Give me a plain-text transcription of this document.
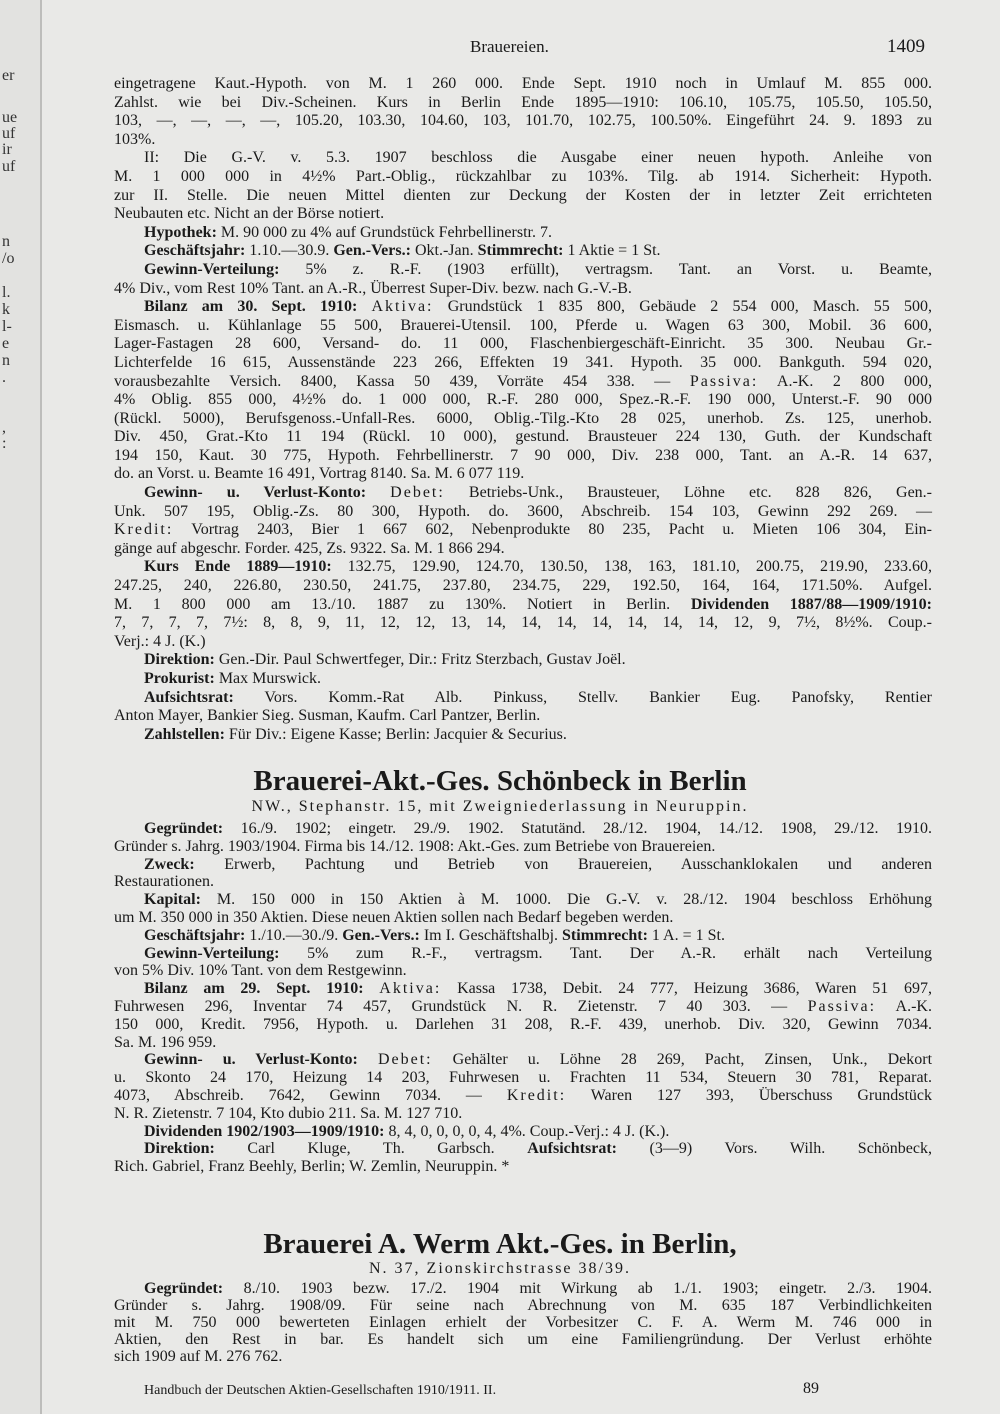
er
ue
uf
ir
uf
n
/o
l.
k
l-
e
n
.
,
:
Brauereien.	1409
eingetragene Kaut.-Hypoth. von M. 1 260 000. Ende Sept. 1910 noch in Umlauf M. 855 000.
Zahlst. wie bei Div.-Scheinen. Kurs in Berlin Ende 1895—1910: 106.10, 105.75, 105.50, 105.50,
103, —, —, —, —, 105.20, 103.30, 104.60, 103, 101.70, 102.75, 100.50%. Eingeführt 24. 9. 1893 zu
103%.
II: Die G.-V. v. 5.3. 1907 beschloss die Ausgabe einer neuen hypoth. Anleihe von
M. 1 000 000 in 4½% Part.-Oblig., rückzahlbar zu 103%. Tilg. ab 1914. Sicherheit: Hypoth.
zur II. Stelle. Die neuen Mittel dienten zur Deckung der Kosten der in letzter Zeit errichteten
Neubauten etc. Nicht an der Börse notiert.
Hypothek: M. 90 000 zu 4% auf Grundstück Fehrbellinerstr. 7.
Geschäftsjahr: 1.10.—30.9. Gen.-Vers.: Okt.-Jan. Stimmrecht: 1 Aktie = 1 St.
Gewinn-Verteilung: 5% z. R.-F. (1903 erfüllt), vertragsm. Tant. an Vorst. u. Beamte,
4% Div., vom Rest 10% Tant. an A.-R., Überrest Super-Div. bezw. nach G.-V.-B.
Bilanz am 30. Sept. 1910: Aktiva: Grundstück 1 835 800, Gebäude 2 554 000, Masch. 55 500,
Eismasch. u. Kühlanlage 55 500, Brauerei-Utensil. 100, Pferde u. Wagen 63 300, Mobil. 36 600,
Lager-Fastagen 28 600, Versand- do. 11 000, Flaschenbiergeschäft-Einricht. 35 300. Neubau Gr.-
Lichterfelde 16 615, Aussenstände 223 266, Effekten 19 341. Hypoth. 35 000. Bankguth. 594 020,
vorausbezahlte Versich. 8400, Kassa 50 439, Vorräte 454 338. — Passiva: A.-K. 2 800 000,
4% Oblig. 855 000, 4½% do. 1 000 000, R.-F. 280 000, Spez.-R.-F. 190 000, Unterst.-F. 90 000
(Rückl. 5000), Berufsgenoss.-Unfall-Res. 6000, Oblig.-Tilg.-Kto 28 025, unerhob. Zs. 125, unerhob.
Div. 450, Grat.-Kto 11 194 (Rückl. 10 000), gestund. Brausteuer 224 130, Guth. der Kundschaft
194 150, Kaut. 30 775, Hypoth. Fehrbellinerstr. 7 90 000, Div. 238 000, Tant. an A.-R. 14 637,
do. an Vorst. u. Beamte 16 491, Vortrag 8140. Sa. M. 6 077 119.
Gewinn- u. Verlust-Konto: Debet: Betriebs-Unk., Brausteuer, Löhne etc. 828 826, Gen.-
Unk. 507 195, Oblig.-Zs. 80 300, Hypoth. do. 3600, Abschreib. 154 103, Gewinn 292 269. —
Kredit: Vortrag 2403, Bier 1 667 602, Nebenprodukte 80 235, Pacht u. Mieten 106 304, Ein-
gänge auf abgeschr. Forder. 425, Zs. 9322. Sa. M. 1 866 294.
Kurs Ende 1889—1910: 132.75, 129.90, 124.70, 130.50, 138, 163, 181.10, 200.75, 219.90, 233.60,
247.25, 240, 226.80, 230.50, 241.75, 237.80, 234.75, 229, 192.50, 164, 164, 171.50%. Aufgel.
M. 1 800 000 am 13./10. 1887 zu 130%. Notiert in Berlin. Dividenden 1887/88—1909/1910:
7, 7, 7, 7, 7½: 8, 8, 9, 11, 12, 12, 13, 14, 14, 14, 14, 14, 14, 14, 12, 9, 7½, 8½%. Coup.-
Verj.: 4 J. (K.)
Direktion: Gen.-Dir. Paul Schwertfeger, Dir.: Fritz Sterzbach, Gustav Joël.
Prokurist: Max Murswick.
Aufsichtsrat: Vors. Komm.-Rat Alb. Pinkuss, Stellv. Bankier Eug. Panofsky, Rentier
Anton Mayer, Bankier Sieg. Susman, Kaufm. Carl Pantzer, Berlin.
Zahlstellen: Für Div.: Eigene Kasse; Berlin: Jacquier & Securius.
Brauerei-Akt.-Ges. Schönbeck in Berlin
NW., Stephanstr. 15, mit Zweigniederlassung in Neuruppin.
Gegründet: 16./9. 1902; eingetr. 29./9. 1902. Statutänd. 28./12. 1904, 14./12. 1908, 29./12. 1910.
Gründer s. Jahrg. 1903/1904. Firma bis 14./12. 1908: Akt.-Ges. zum Betriebe von Brauereien.
Zweck: Erwerb, Pachtung und Betrieb von Brauereien, Ausschanklokalen und anderen
Restaurationen.
Kapital: M. 150 000 in 150 Aktien à M. 1000. Die G.-V. v. 28./12. 1904 beschloss Erhöhung
um M. 350 000 in 350 Aktien. Diese neuen Aktien sollen nach Bedarf begeben werden.
Geschäftsjahr: 1./10.—30./9. Gen.-Vers.: Im I. Geschäftshalbj. Stimmrecht: 1 A. = 1 St.
Gewinn-Verteilung: 5% zum R.-F., vertragsm. Tant. Der A.-R. erhält nach Verteilung
von 5% Div. 10% Tant. von dem Restgewinn.
Bilanz am 29. Sept. 1910: Aktiva: Kassa 1738, Debit. 24 777, Heizung 3686, Waren 51 697,
Fuhrwesen 296, Inventar 74 457, Grundstück N. R. Zietenstr. 7 40 303. — Passiva: A.-K.
150 000, Kredit. 7956, Hypoth. u. Darlehen 31 208, R.-F. 439, unerhob. Div. 320, Gewinn 7034.
Sa. M. 196 959.
Gewinn- u. Verlust-Konto: Debet: Gehälter u. Löhne 28 269, Pacht, Zinsen, Unk., Dekort
u. Skonto 24 170, Heizung 14 203, Fuhrwesen u. Frachten 11 534, Steuern 30 781, Reparat.
4073, Abschreib. 7642, Gewinn 7034. — Kredit: Waren 127 393, Überschuss Grundstück
N. R. Zietenstr. 7 104, Kto dubio 211. Sa. M. 127 710.
Dividenden 1902/1903—1909/1910: 8, 4, 0, 0, 0, 0, 4, 4%. Coup.-Verj.: 4 J. (K.).
Direktion: Carl Kluge, Th. Garbsch. Aufsichtsrat: (3—9) Vors. Wilh. Schönbeck,
Rich. Gabriel, Franz Beehly, Berlin; W. Zemlin, Neuruppin. *
Brauerei A. Werm Akt.-Ges. in Berlin,
N. 37, Zionskirchstrasse 38/39.
Gegründet: 8./10. 1903 bezw. 17./2. 1904 mit Wirkung ab 1./1. 1903; eingetr. 2./3. 1904.
Gründer s. Jahrg. 1908/09. Für seine nach Abrechnung von M. 635 187 Verbindlichkeiten
mit M. 750 000 bewerteten Einlagen erhielt der Vorbesitzer C. F. A. Werm M. 746 000 in
Aktien, den Rest in bar. Es handelt sich um eine Familiengründung. Der Verlust erhöhte
sich 1909 auf M. 276 762.
Handbuch der Deutschen Aktien-Gesellschaften 1910/1911. II.	89
